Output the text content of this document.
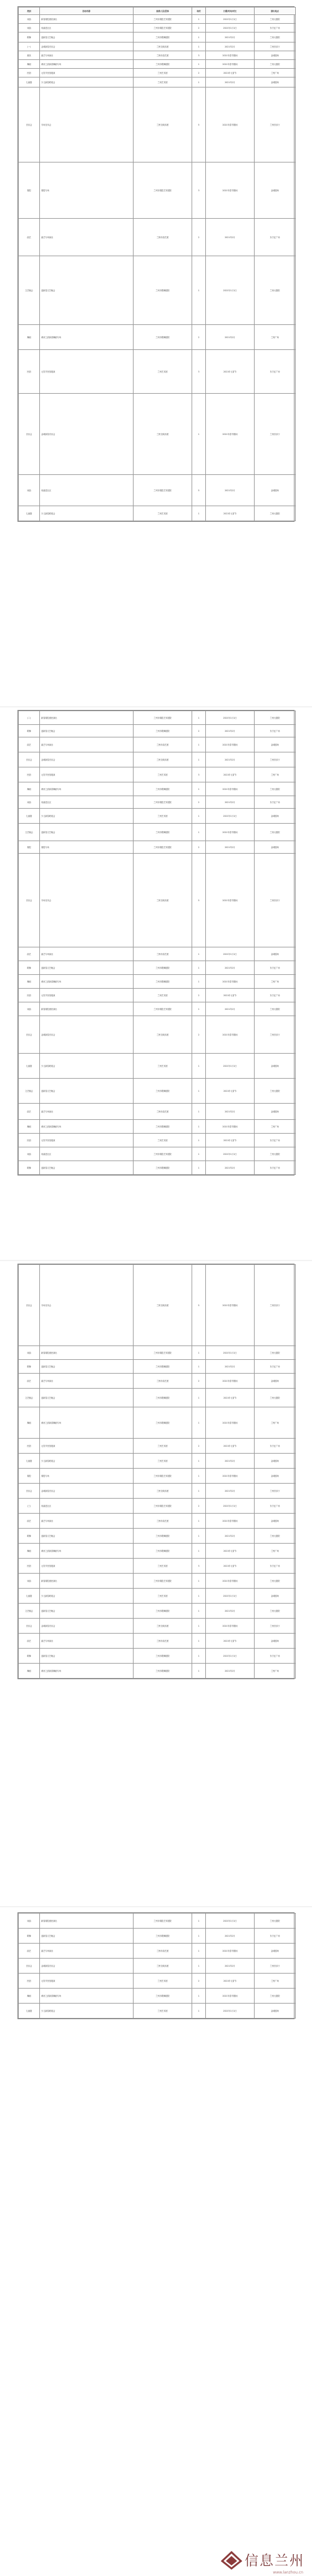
类别	活动名称	参演人员/团体	场次	日期/时间/时长	演出地点
戏曲	新春秦腔惠民演出	兰州市秦腔艺术剧院	1	2021年1月1日	兰州大剧院
戏曲	戏曲进社区	兰州市秦腔艺术剧院	2	2021年1月1日	东方红广场
歌舞	迎新春文艺晚会	兰州市歌舞剧院	1	2021年2月	兰州大剧院
(一)	金城新春音乐会	兰州交响乐团	1	2021年2月	兰州音乐厅
惠民	曲艺专场演出	兰州市曲艺团	3	2021年春节期间	金城剧场
舞蹈	黄河之滨新春舞蹈专场	兰州市歌舞剧院	1	2021年春节期间	兰州大剧院
民俗	元宵节民俗展演	兰州艺术团	2	2021年元宵节	兰州广场
儿童剧	少儿新春联欢会	兰州艺术团	1	2021年2月	金城剧场
音乐会	专场音乐会	兰州交响乐团	5	2021年春节期间	兰州音乐厅
秦腔	秦腔专场	兰州市秦腔艺术剧院	3	2021年春节期间	金城剧场
曲艺	曲艺专场演出	兰州市曲艺团	2	2021年2月	东方红广场
文艺晚会	迎新春文艺晚会	兰州市歌舞剧院	1	2021年1月1日	兰州大剧院
舞蹈	黄河之滨新春舞蹈专场	兰州市歌舞剧院	2	2021年2月	兰州广场
民俗	元宵节民俗展演	兰州艺术团	3	2021年元宵节	东方红广场
音乐会	金城新春音乐会	兰州交响乐团	1	2021年春节期间	兰州音乐厅
戏曲	戏曲进社区	兰州市秦腔艺术剧院	5	2021年2月	金城剧场
儿童剧	少儿新春联欢会	兰州艺术团	1	2021年元宵节	兰州大剧院
(二)	新春秦腔惠民演出	兰州市秦腔艺术剧院	1	2021年1月1日	兰州大剧院
歌舞	迎新春文艺晚会	兰州市歌舞剧院	2	2021年2月	东方红广场
曲艺	曲艺专场演出	兰州市曲艺团	1	2021年春节期间	金城剧场
音乐会	金城新春音乐会	兰州交响乐团	1	2021年2月	兰州音乐厅
民俗	元宵节民俗展演	兰州艺术团	3	2021年元宵节	兰州广场
舞蹈	黄河之滨新春舞蹈专场	兰州市歌舞剧院	1	2021年春节期间	兰州大剧院
戏曲	戏曲进社区	兰州市秦腔艺术剧院	2	2021年2月	东方红广场
儿童剧	少儿新春联欢会	兰州艺术团	1	2021年1月1日	金城剧场
文艺晚会	迎新春文艺晚会	兰州市歌舞剧院	1	2021年春节期间	兰州大剧院
秦腔	秦腔专场	兰州市秦腔艺术剧院	2	2021年2月	金城剧场
音乐会	专场音乐会	兰州交响乐团	5	2021年春节期间	兰州音乐厅
曲艺	曲艺专场演出	兰州市曲艺团	1	2021年1月1日	金城剧场
歌舞	迎新春文艺晚会	兰州市歌舞剧院	1	2021年2月	东方红广场
舞蹈	黄河之滨新春舞蹈专场	兰州市歌舞剧院	1	2021年春节期间	兰州广场
民俗	元宵节民俗展演	兰州艺术团	2	2021年元宵节	东方红广场
戏曲	新春秦腔惠民演出	兰州市秦腔艺术剧院	1	2021年2月	兰州大剧院
音乐会	金城新春音乐会	兰州交响乐团	2	2021年春节期间	兰州音乐厅
儿童剧	少儿新春联欢会	兰州艺术团	1	2021年1月1日	金城剧场
文艺晚会	迎新春文艺晚会	兰州市歌舞剧院	1	2021年元宵节	兰州大剧院
曲艺	曲艺专场演出	兰州市曲艺团	1	2021年2月	金城剧场
舞蹈	黄河之滨新春舞蹈专场	兰州市歌舞剧院	1	2021年春节期间	兰州广场
民俗	元宵节民俗展演	兰州艺术团	1	2021年元宵节	东方红广场
戏曲	戏曲进社区	兰州市秦腔艺术剧院	1	2021年1月1日	兰州大剧院
歌舞	迎新春文艺晚会	兰州市歌舞剧院	1	2021年2月	东方红广场
音乐会	专场音乐会	兰州交响乐团	5	2021年春节期间	兰州音乐厅
戏曲	新春秦腔惠民演出	兰州市秦腔艺术剧院	1	2021年1月1日	兰州大剧院
歌舞	迎新春文艺晚会	兰州市歌舞剧院	1	2021年2月	东方红广场
曲艺	曲艺专场演出	兰州市曲艺团	2	2021年春节期间	金城剧场
文艺晚会	迎新春文艺晚会	兰州市歌舞剧院	1	2021年元宵节	兰州大剧院
舞蹈	黄河之滨新春舞蹈专场	兰州市歌舞剧院	1	2021年春节期间	兰州广场
民俗	元宵节民俗展演	兰州艺术团	2	2021年元宵节	东方红广场
儿童剧	少儿新春联欢会	兰州艺术团	1	2021年2月	金城剧场
秦腔	秦腔专场	兰州市秦腔艺术剧院	1	2021年春节期间	金城剧场
音乐会	金城新春音乐会	兰州交响乐团	1	2021年2月	兰州音乐厅
(三)	戏曲进社区	兰州市秦腔艺术剧院	2	2021年1月1日	东方红广场
曲艺	曲艺专场演出	兰州市曲艺团	1	2021年春节期间	金城剧场
歌舞	迎新春文艺晚会	兰州市歌舞剧院	1	2021年2月	兰州大剧院
舞蹈	黄河之滨新春舞蹈专场	兰州市歌舞剧院	1	2021年元宵节	兰州广场
民俗	元宵节民俗展演	兰州艺术团	3	2021年元宵节	东方红广场
戏曲	新春秦腔惠民演出	兰州市秦腔艺术剧院	1	2021年春节期间	兰州大剧院
儿童剧	少儿新春联欢会	兰州艺术团	1	2021年1月1日	金城剧场
文艺晚会	迎新春文艺晚会	兰州市歌舞剧院	1	2021年2月	兰州大剧院
音乐会	金城新春音乐会	兰州交响乐团	1	2021年春节期间	兰州音乐厅
曲艺	曲艺专场演出	兰州市曲艺团	1	2021年元宵节	金城剧场
歌舞	迎新春文艺晚会	兰州市歌舞剧院	1	2021年1月1日	东方红广场
舞蹈	黄河之滨新春舞蹈专场	兰州市歌舞剧院	1	2021年2月	兰州广场
戏曲	新春秦腔惠民演出	兰州市秦腔艺术剧院	1	2021年1月1日	兰州大剧院
歌舞	迎新春文艺晚会	兰州市歌舞剧院	1	2021年2月	东方红广场
曲艺	曲艺专场演出	兰州市曲艺团	1	2021年春节期间	金城剧场
音乐会	金城新春音乐会	兰州交响乐团	1	2021年2月	兰州音乐厅
民俗	元宵节民俗展演	兰州艺术团	2	2021年元宵节	兰州广场
舞蹈	黄河之滨新春舞蹈专场	兰州市歌舞剧院	1	2021年春节期间	兰州大剧院
儿童剧	少儿新春联欢会	兰州艺术团	1	2021年1月1日	金城剧场
信息兰州
www.lanzhou.cn
